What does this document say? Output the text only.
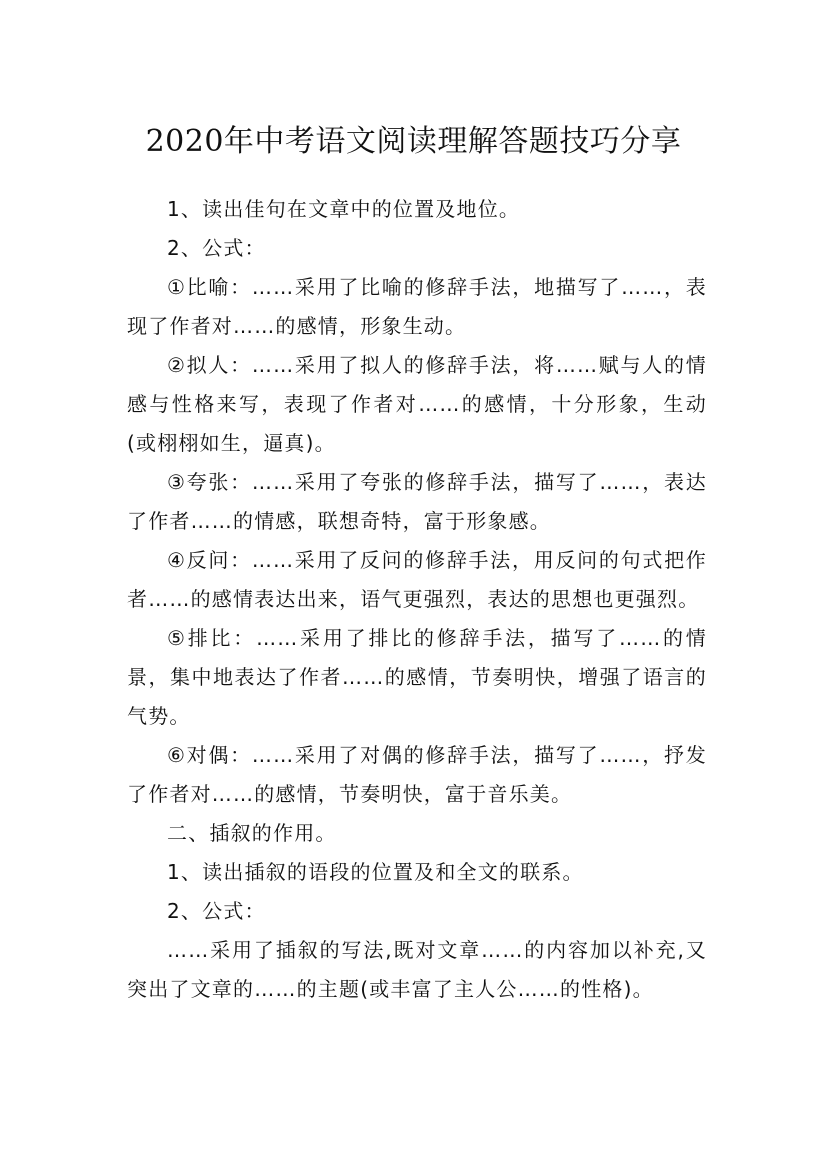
2020年中考语文阅读理解答题技巧分享

1、读出佳句在文章中的位置及地位。

2、公式：

①比喻：……采用了比喻的修辞手法，地描写了……，表现了作者对……的感情，形象生动。

②拟人：……采用了拟人的修辞手法，将……赋与人的情感与性格来写，表现了作者对……的感情，十分形象，生动(或栩栩如生，逼真)。

③夸张：……采用了夸张的修辞手法，描写了……，表达了作者……的情感，联想奇特，富于形象感。

④反问：……采用了反问的修辞手法，用反问的句式把作者……的感情表达出来，语气更强烈，表达的思想也更强烈。

⑤排比：……采用了排比的修辞手法，描写了……的情景，集中地表达了作者……的感情，节奏明快，增强了语言的气势。

⑥对偶：……采用了对偶的修辞手法，描写了……，抒发了作者对……的感情，节奏明快，富于音乐美。

二、插叙的作用。

1、读出插叙的语段的位置及和全文的联系。

2、公式：

……采用了插叙的写法,既对文章……的内容加以补充,又突出了文章的……的主题(或丰富了主人公……的性格)。
